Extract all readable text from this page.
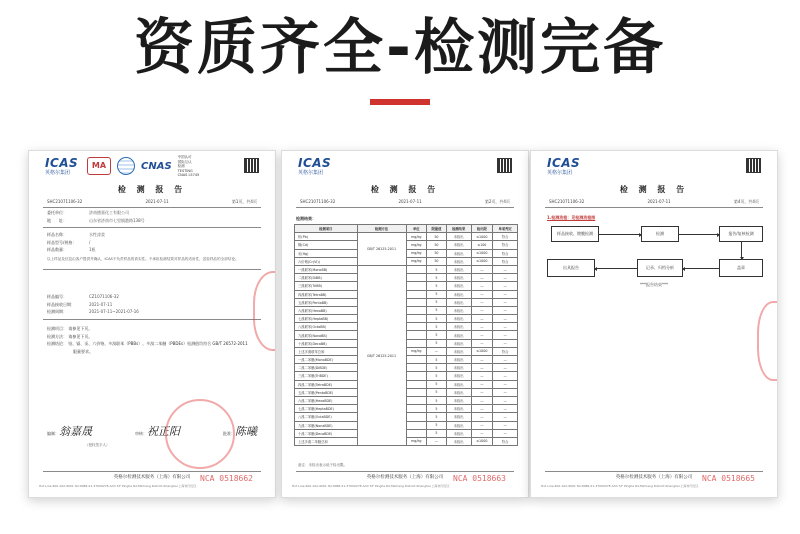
资质齐全-检测完备
ICAS
英格尔集团
MA	CNAS
中国认可
国际互认
检测
TESTING
CNAS L5745
检 测 报 告
SHC21071106-32	2021-07-11	第1页，共4页
委托单位：	济南德嘉化工有限公司
地　　址：	山东省济南市七里镇港路138号
样品名称：	水性漆浆
样品型号/规格：	/
样品数量：	1瓶
以上样品及信息由客户提供并确认，ICAS不负责样品的真实性。不承担检测结果对样品的适用性，送检样品的全部结论。
样品编号：	CZ1071106-32
样品接收日期：	2021-07-11
检测周期：	2021-07-11~2021-07-16
检测项目： 请参见下页。
检测方法： 请参见下页。
检测结论： 铅、镉、汞、六价铬、多溴联苯（PBBs）、多溴二苯醚（PBDEs）检测值均符合 GB/T 26572-2011
限量要求。
编制：翁嘉晟	审核：祝正阳	批准：陈曦
（授权签字人）
英格尔检测技术服务（上海）有限公司
Hot Line:400-102-9001 Tel:0086-21-37000278 Add:7/F Pinghe Rd,Minhang District,Shanghai 上海市闵行区
NCA 0518662
ICAS
英格尔集团
检 测 报 告
SHC21071106-32	2021-07-11	第2页，共4页
检测结果：
检测项目	检测方法	单位	限量值	检测结果	检出限	单项判定
铅(Pb)	GB/T 26125-2011	mg/kg	50	未检出	≤1000	符合
镉(Cd)		mg/kg	50	未检出	≤100	符合
汞(Hg)		mg/kg	50	未检出	≤1000	符合
六价铬(Cr(VI))		mg/kg	50	未检出	≤1000	符合
一溴联苯(MonoBB)	GB/T 26125-2011		5	未检出	—	—
二溴联苯(DiBB)			5	未检出	—	—
三溴联苯(TriBB)			5	未检出	—	—
四溴联苯(TetraBB)			5	未检出	—	—
五溴联苯(PentaBB)			5	未检出	—	—
六溴联苯(HexaBB)			5	未检出	—	—
七溴联苯(HeptaBB)			5	未检出	—	—
八溴联苯(OctaBB)			5	未检出	—	—
九溴联苯(NonaBB)			5	未检出	—	—
十溴联苯(DecaBB)			5	未检出	—	—
上述多溴联苯总和		mg/kg	—	未检出	≤1000	符合
一溴二苯醚(MonoBDE)			5	未检出	—	—
二溴二苯醚(DiBDE)			5	未检出	—	—
三溴二苯醚(TriBDE)			5	未检出	—	—
四溴二苯醚(TetraBDE)			5	未检出	—	—
五溴二苯醚(PentaBDE)			5	未检出	—	—
六溴二苯醚(HexaBDE)			5	未检出	—	—
七溴二苯醚(HeptaBDE)			5	未检出	—	—
八溴二苯醚(OctaBDE)			5	未检出	—	—
九溴二苯醚(NonaBDE)			5	未检出	—	—
十溴二苯醚(DecaBDE)			5	未检出	—	—
上述多溴二苯醚总和		mg/kg	—	未检出	≤1000	符合
备注：未检出表示低于检出限。
英格尔检测技术服务（上海）有限公司
Hot Line:400-102-9001 Tel:0086-21-37000278 Add:7/F Pinghe Rd,Minhang District,Shanghai 上海市闵行区
NCA 0518663
ICAS
英格尔集团
检 测 报 告
SHC21071106-32	2021-07-11	第4页，共4页
1.检测流程：见检测流程图
样品接收、镀膜检测	检测	报告/复核检测
出具报告	记录、归档分析	盖章
***报告结束***
英格尔检测技术服务（上海）有限公司
Hot Line:400-102-9001 Tel:0086-21-37000278 Add:7/F Pinghe Rd,Minhang District,Shanghai 上海市闵行区
NCA 0518665
